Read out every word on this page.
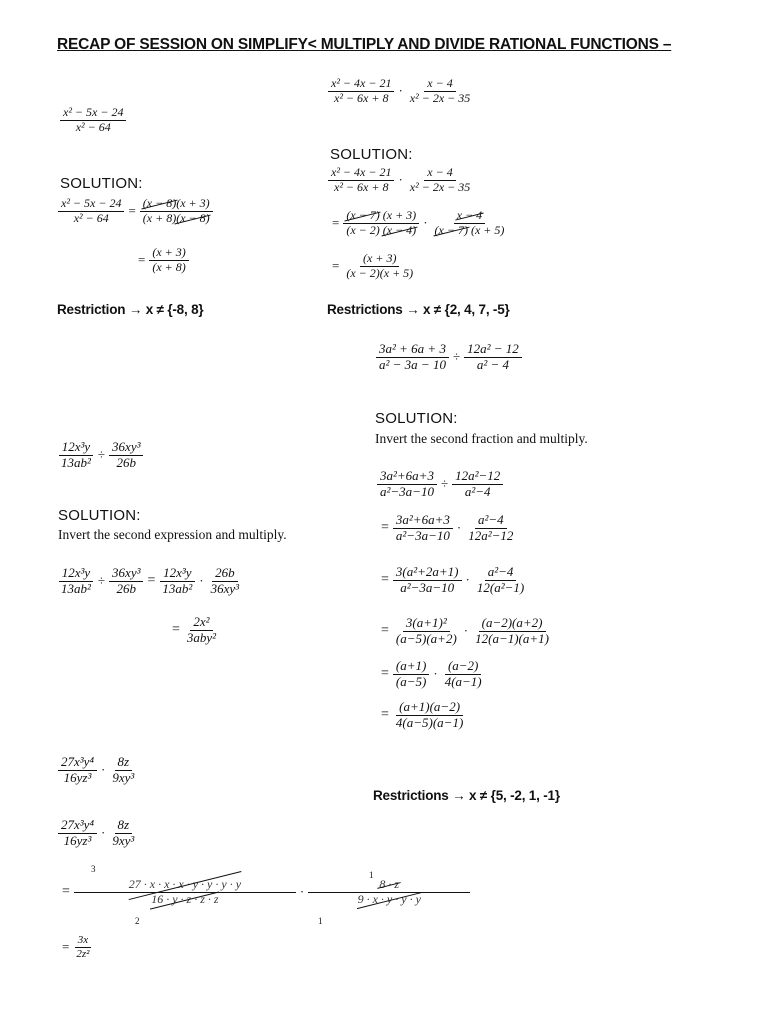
RECAP OF SESSION ON SIMPLIFY< MULTIPLY AND DIVIDE RATIONAL FUNCTIONS –
$\frac{\text{x² − 5x − 24}}{\text{x² − 64}}$
SOLUTION:
$\frac{\text{x² − 5x − 24}}{\text{x² − 64}} = \frac{(x - 8)(x + 3)}{(x + 8)(x - 8)}$
= $\frac{(x + 3)}{(x + 8)}$
Restriction → x ≠ {-8, 8}
$\frac{\text{x² − 4x − 21}}{\text{x² − 6x + 8}} \cdot \frac{x - 4}{\text{x² − 2x − 35}}$
SOLUTION:
$\frac{\text{x² − 4x − 21}}{\text{x² − 6x + 8}} \cdot \frac{x - 4}{\text{x² − 2x − 35}}$
= $\frac{(x - 7) (x + 3)}{(x - 2) (x - 4)} \cdot \frac{x - 4}{(x - 7) (x + 5)}$
= $\frac{(x + 3)}{(x - 2)(x + 5)}$
Restrictions → x ≠ {2, 4, 7, -5}
$\frac{\text{3a² + 6a + 3}}{\text{a² − 3a − 10}} \div \frac{\text{12a² − 12}}{\text{a² − 4}}$
SOLUTION:
Invert the second fraction and multiply.
$\frac{\text{3a²+6a+3}}{\text{a²−3a−10}} \div \frac{\text{12a²−12}}{\text{a²−4}}$
= $\frac{\text{3a²+6a+3}}{\text{a²−3a−10}} \cdot \frac{\text{a²−4}}{\text{12a²−12}}$
= $\frac{\text{3(a²+2a+1)}}{\text{a²−3a−10}} \cdot \frac{\text{a²−4}}{\text{12(a²−1)}}$
= $\frac{\text{3(a+1)²}}{(a-5)(a+2)} \cdot \frac{(a-2)(a+2)}{12(a-1)(a+1)}$
= $\frac{(a+1)}{(a-5)} \cdot \frac{(a-2)}{4(a-1)}$
= $\frac{(a+1)(a-2)}{4(a-5)(a-1)}$
Restrictions → x ≠ {5, -2, 1, -1}
$\frac{\text{12x³y}}{\text{13ab²}} \div \frac{\text{36xy³}}{26b}$
SOLUTION:
Invert the second expression and multiply.
$\frac{\text{12x³y}}{\text{13ab²}} \div \frac{\text{36xy³}}{26b} = \frac{\text{12x³y}}{\text{13ab²}} \cdot \frac{26b}{\text{36xy³}}$
= $\frac{\text{2x²}}{\text{3aby²}}$
$\frac{\text{27x³y⁴}}{\text{16yz³}} \cdot \frac{8z}{\text{9xy³}}$
$\frac{\text{27x³y⁴}}{\text{16yz³}} \cdot \frac{8z}{\text{9xy³}}$
3
1
2	1
= $\frac{27 \cdot x \cdot x \cdot x \cdot y \cdot y \cdot y \cdot y}{16 \cdot y \cdot z \cdot z \cdot z} \cdot \frac{8 \cdot z}{9 \cdot x \cdot y \cdot y \cdot y}$
= $\frac{3x}{\text{2z²}}$
